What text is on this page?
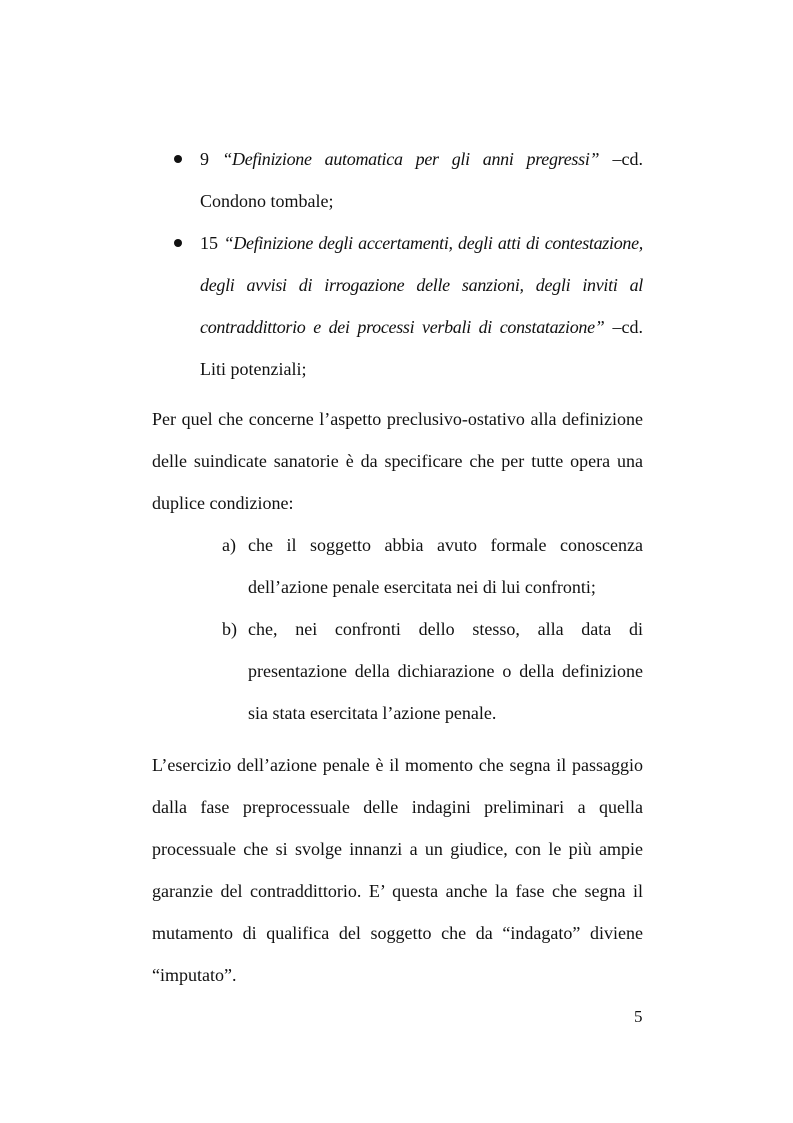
9 “Definizione automatica per gli anni pregressi” –cd. Condono tombale;
15 “Definizione degli accertamenti, degli atti di contestazione, degli avvisi di irrogazione delle sanzioni, degli inviti al contraddittorio e dei processi verbali di constatazione” –cd. Liti potenziali;

Per quel che concerne l’aspetto preclusivo-ostativo alla definizione delle suindicate sanatorie è da specificare che per tutte opera una duplice condizione:

a) che il soggetto abbia avuto formale conoscenza dell’azione penale esercitata nei di lui confronti;
b) che, nei confronti dello stesso, alla data di presentazione della dichiarazione o della definizione sia stata esercitata l’azione penale.

L’esercizio dell’azione penale è il momento che segna il passaggio dalla fase preprocessuale delle indagini preliminari a quella processuale che si svolge innanzi a un giudice, con le più ampie garanzie del contraddittorio. E’ questa anche la fase che segna il mutamento di qualifica del soggetto che da “indagato” diviene “imputato”.

5
